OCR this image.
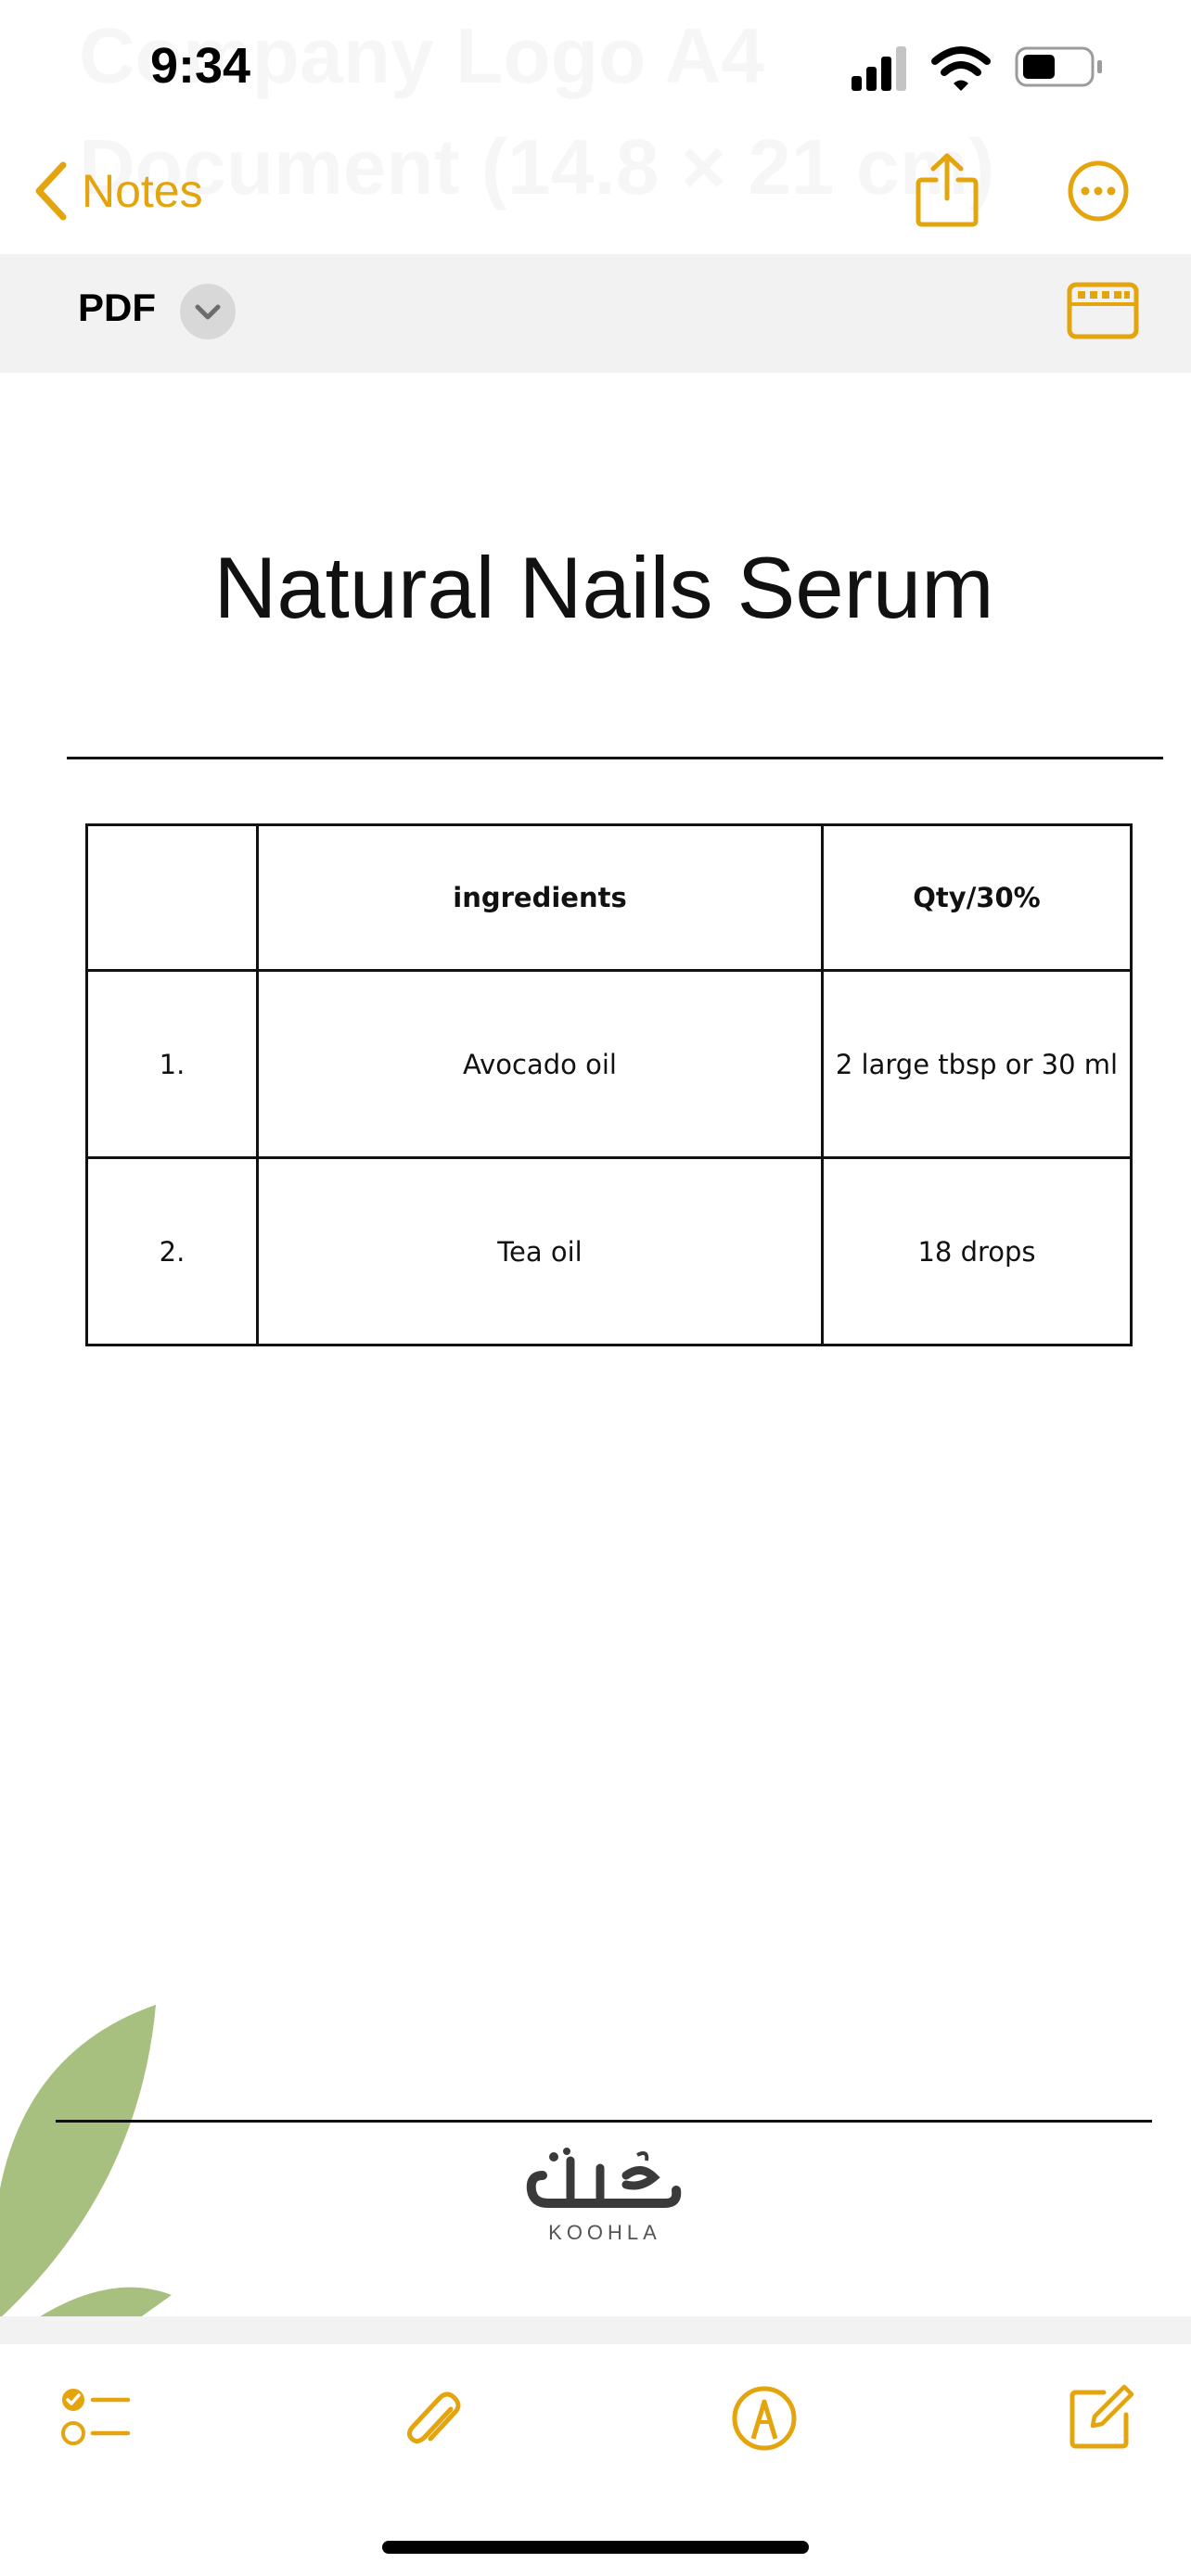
9:34
Notes
PDF
Natural Nails Serum
	ingredients	Qty/30%
1.	Avocado oil	2 large tbsp or 30 ml
2.	Tea oil	18 drops
KOOHLA
